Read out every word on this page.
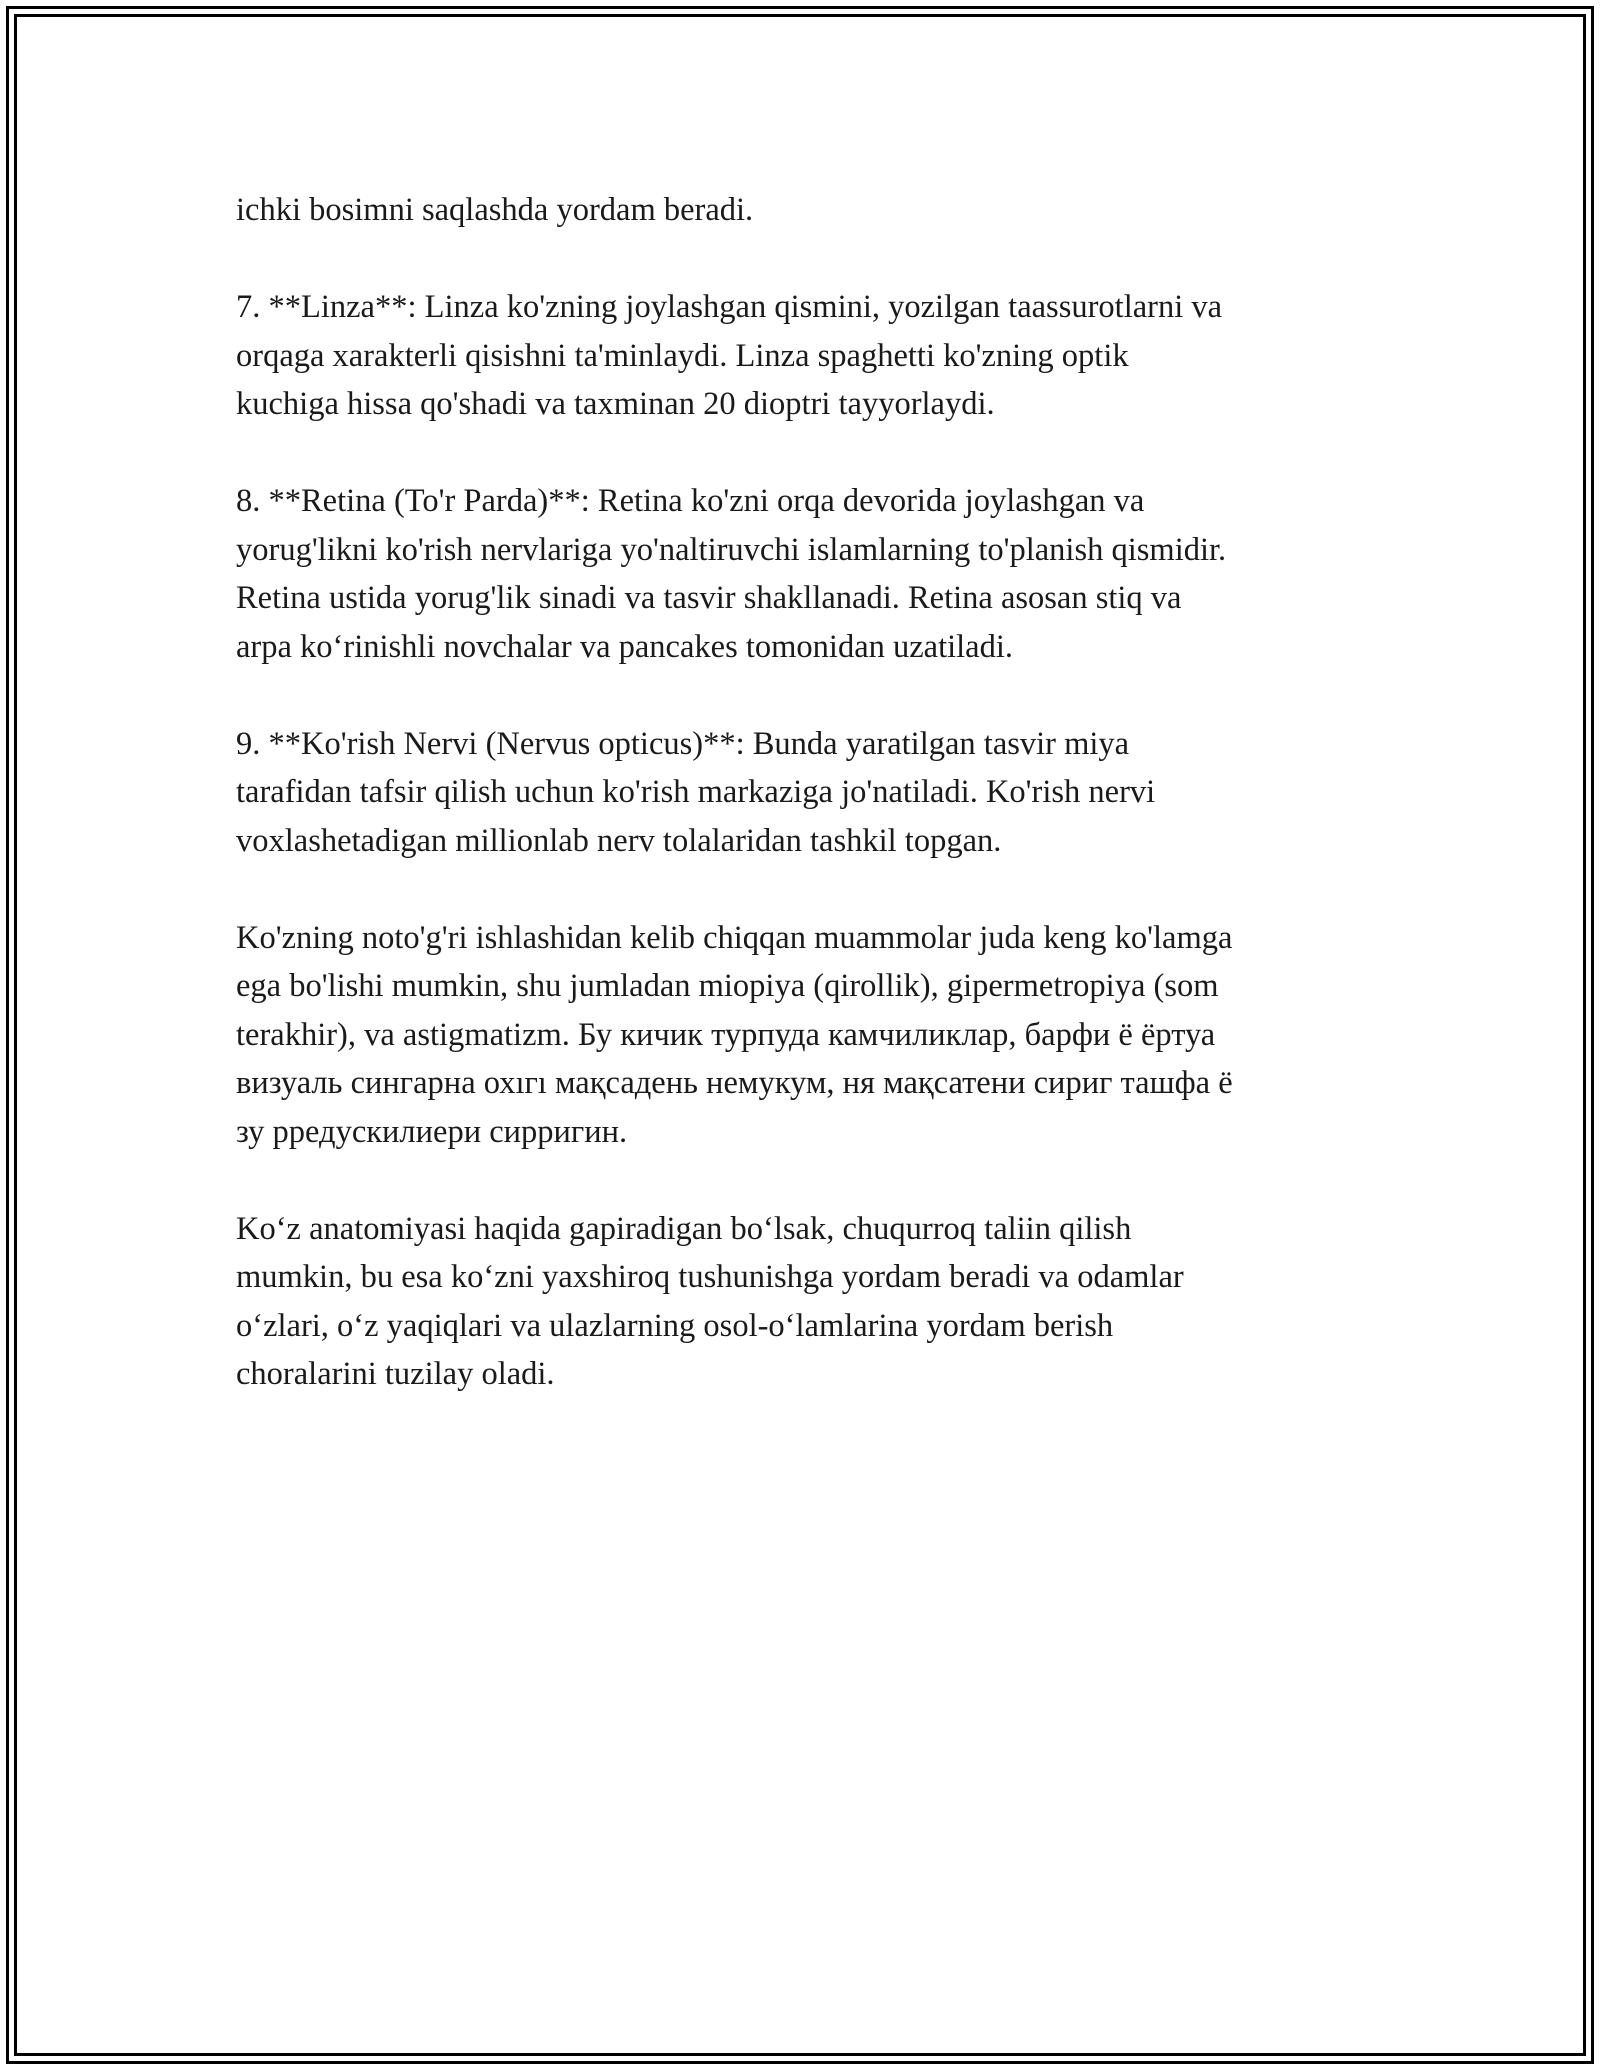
ichki bosimni saqlashda yordam beradi.

7. **Linza**: Linza ko'zning joylashgan qismini, yozilgan taassurotlarni va
orqaga xarakterli qisishni ta'minlaydi. Linza spaghetti ko'zning optik
kuchiga hissa qo'shadi va taxminan 20 dioptri tayyorlaydi.

8. **Retina (To'r Parda)**: Retina ko'zni orqa devorida joylashgan va
yorug'likni ko'rish nervlariga yo'naltiruvchi islamlarning to'planish qismidir.
Retina ustida yorug'lik sinadi va tasvir shakllanadi. Retina asosan stiq va
arpa ko‘rinishli novchalar va pancakes tomonidan uzatiladi.

9. **Ko'rish Nervi (Nervus opticus)**: Bunda yaratilgan tasvir miya
tarafidan tafsir qilish uchun ko'rish markaziga jo'natiladi. Ko'rish nervi
voxlashetadigan millionlab nerv tolalaridan tashkil topgan.

Ko'zning noto'g'ri ishlashidan kelib chiqqan muammolar juda keng ko'lamga
ega bo'lishi mumkin, shu jumladan miopiya (qirollik), gipermetropiya (som
terakhir), va astigmatizm. Бу кичик турпуда камчиликлар, барфи ё ёртуа
визуаль сингарна охıгı мақсадень немукум, ня мақсатени сириг ташфа ё
зу рредускилиери сирригин.

Ko‘z anatomiyasi haqida gapiradigan bo‘lsak, chuqurroq taliin qilish
mumkin, bu esa ko‘zni yaxshiroq tushunishga yordam beradi va odamlar
o‘zlari, o‘z yaqiqlari va ulazlarning osol-o‘lamlarina yordam berish
choralarini tuzilay oladi.
